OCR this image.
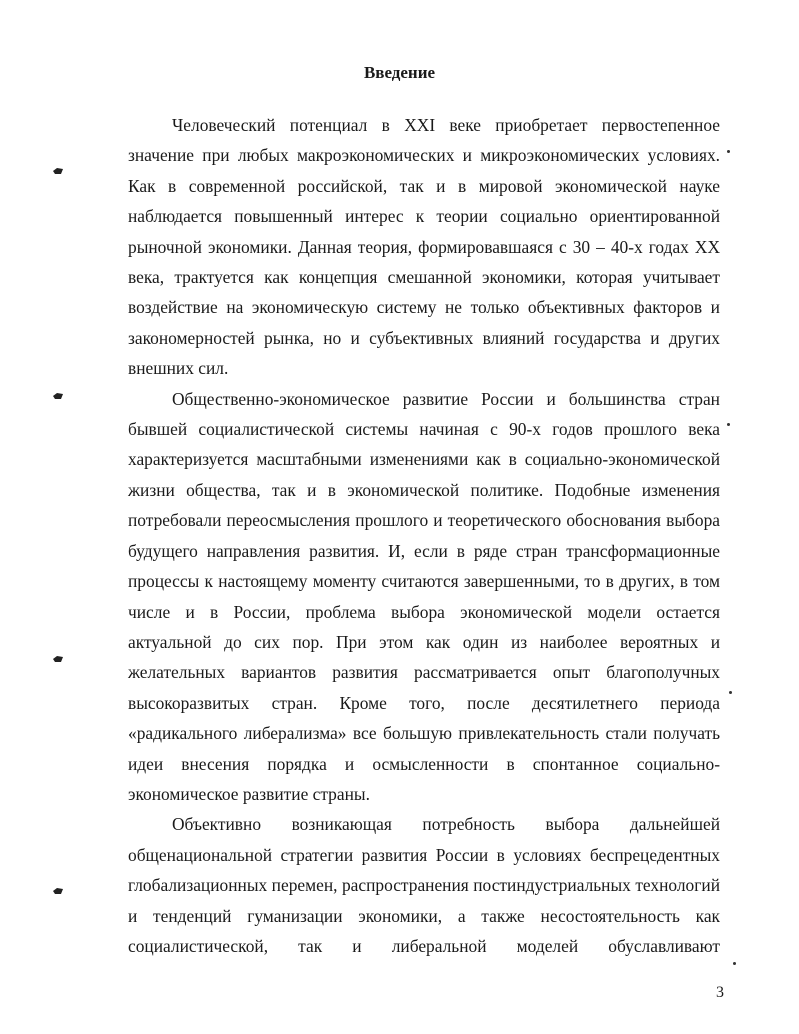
Введение

Человеческий потенциал в XXI веке приобретает первостепенное значение при любых макроэкономических и микроэкономических условиях. Как в современной российской, так и в мировой экономической науке наблюдается повышенный интерес к теории социально ориентированной рыночной экономики. Данная теория, формировавшаяся с 30 – 40-х годах XX века, трактуется как концепция смешанной экономики, которая учитывает воздействие на экономическую систему не только объективных факторов и закономерностей рынка, но и субъективных влияний государства и других внешних сил.

Общественно-экономическое развитие России и большинства стран бывшей социалистической системы начиная с 90-х годов прошлого века характеризуется масштабными изменениями как в социально-экономической жизни общества, так и в экономической политике. Подобные изменения потребовали переосмысления прошлого и теоретического обоснования выбора будущего направления развития. И, если в ряде стран трансформационные процессы к настоящему моменту считаются завершенными, то в других, в том числе и в России, проблема выбора экономической модели остается актуальной до сих пор. При этом как один из наиболее вероятных и желательных вариантов развития рассматривается опыт благополучных высокоразвитых стран. Кроме того, после десятилетнего периода «радикального либерализма» все большую привлекательность стали получать идеи внесения порядка и осмысленности в спонтанное социально-экономическое развитие страны.

Объективно возникающая потребность выбора дальнейшей общенациональной стратегии развития России в условиях беспрецедентных глобализационных перемен, распространения постиндустриальных технологий и тенденций гуманизации экономики, а также несостоятельность как социалистической, так и либеральной моделей обуславливают

3
